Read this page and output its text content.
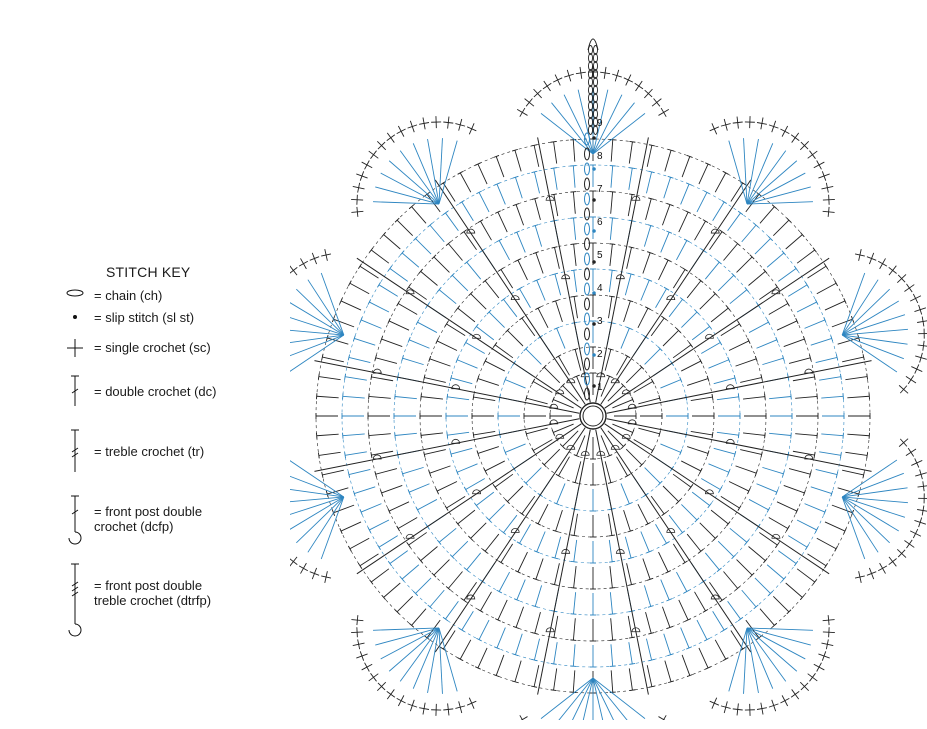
STITCH KEY
= chain (ch)
= slip stitch (sl st)
= single crochet (sc)
= double crochet (dc)
= treble crochet (tr)
= front post double
crochet (dcfp)
= front post double
treble crochet (dtrfp)
1
2
3
4
5
6
7
8
9
